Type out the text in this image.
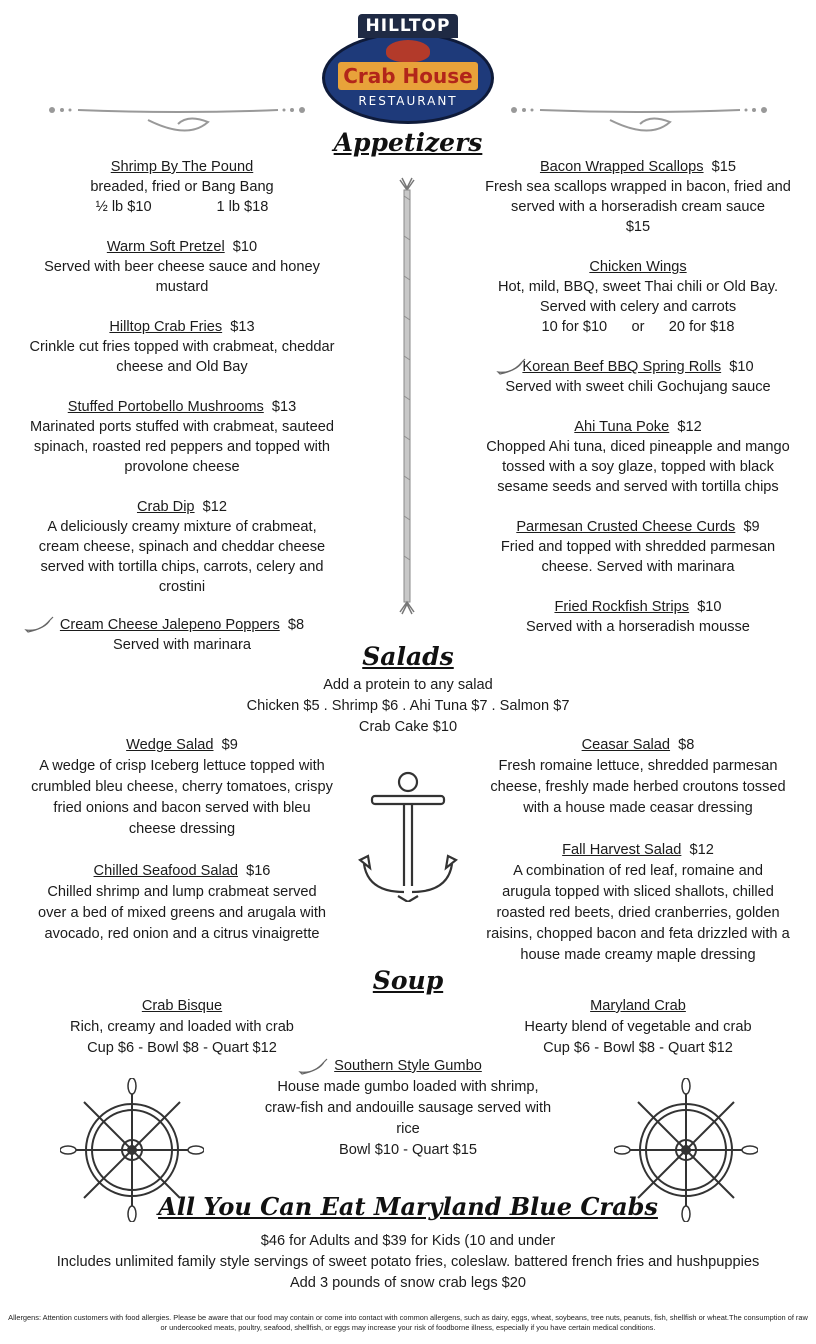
HILLTOP
Crab House
RESTAURANT
Appetizers
Salads
Soup
All You Can Eat Maryland Blue Crabs
Shrimp By The Pound
breaded, fried or Bang Bang
½ lb $10                1 lb $18
Warm Soft Pretzel $10
Served with beer cheese sauce and honey
mustard
Hilltop Crab Fries $13
Crinkle cut fries topped with crabmeat, cheddar
cheese and Old Bay
Stuffed Portobello Mushrooms $13
Marinated ports stuffed with crabmeat, sauteed
spinach, roasted red peppers and topped with
provolone cheese
Crab Dip $12
A deliciously creamy mixture of crabmeat,
cream cheese, spinach and cheddar cheese
served with tortilla chips, carrots, celery and
crostini
Cream Cheese Jalepeno Poppers $8
Served with marinara
Bacon Wrapped Scallops $15
Fresh sea scallops wrapped in bacon, fried and
served with a horseradish cream sauce
$15
Chicken Wings
Hot, mild, BBQ, sweet Thai chili or Old Bay.
Served with celery and carrots
10 for $10      or      20 for $18
Korean Beef BBQ Spring Rolls $10
Served with sweet chili Gochujang sauce
Ahi Tuna Poke $12
Chopped Ahi tuna, diced pineapple and mango
tossed with a soy glaze, topped with black
sesame seeds and served with tortilla chips
Parmesan Crusted Cheese Curds $9
Fried and topped with shredded parmesan
cheese. Served with marinara
Fried Rockfish Strips $10
Served with a horseradish mousse
Add a protein to any salad
Chicken $5 . Shrimp $6 . Ahi Tuna $7 . Salmon $7
Crab Cake $10
Wedge Salad $9
A wedge of crisp Iceberg lettuce topped with
crumbled bleu cheese, cherry tomatoes, crispy
fried onions and bacon served with bleu
cheese dressing
Chilled Seafood Salad $16
Chilled shrimp and lump crabmeat served
over a bed of mixed greens and arugala with
avocado, red onion and a citrus vinaigrette
Ceasar Salad $8
Fresh romaine lettuce, shredded parmesan
cheese, freshly made herbed croutons tossed
with a house made ceasar dressing
Fall Harvest Salad $12
A combination of red leaf, romaine and
arugula topped with sliced shallots, chilled
roasted red beets, dried cranberries, golden
raisins, chopped bacon and feta drizzled with a
house made creamy maple dressing
Crab Bisque
Rich, creamy and loaded with crab
Cup $6 - Bowl $8 - Quart $12
Maryland Crab
Hearty blend of vegetable and crab
Cup $6 - Bowl $8 - Quart $12
Southern Style Gumbo
House made gumbo loaded with shrimp,
craw-fish and andouille sausage served with
rice
Bowl $10 - Quart $15
$46 for Adults and $39 for Kids (10 and under
Includes unlimited family style servings of sweet potato fries, coleslaw. battered french fries and hushpuppies
Add 3 pounds of snow crab legs $20
Allergens: Attention customers with food allergies. Please be aware that our food may contain or come into contact with common allergens, such as dairy, eggs, wheat, soybeans, tree nuts, peanuts, fish, shellfish or wheat.The consumption of raw or undercooked meats, poultry, seafood, shellfish, or eggs may increase your risk of foodborne illness, especially if you have certain medical conditions.
